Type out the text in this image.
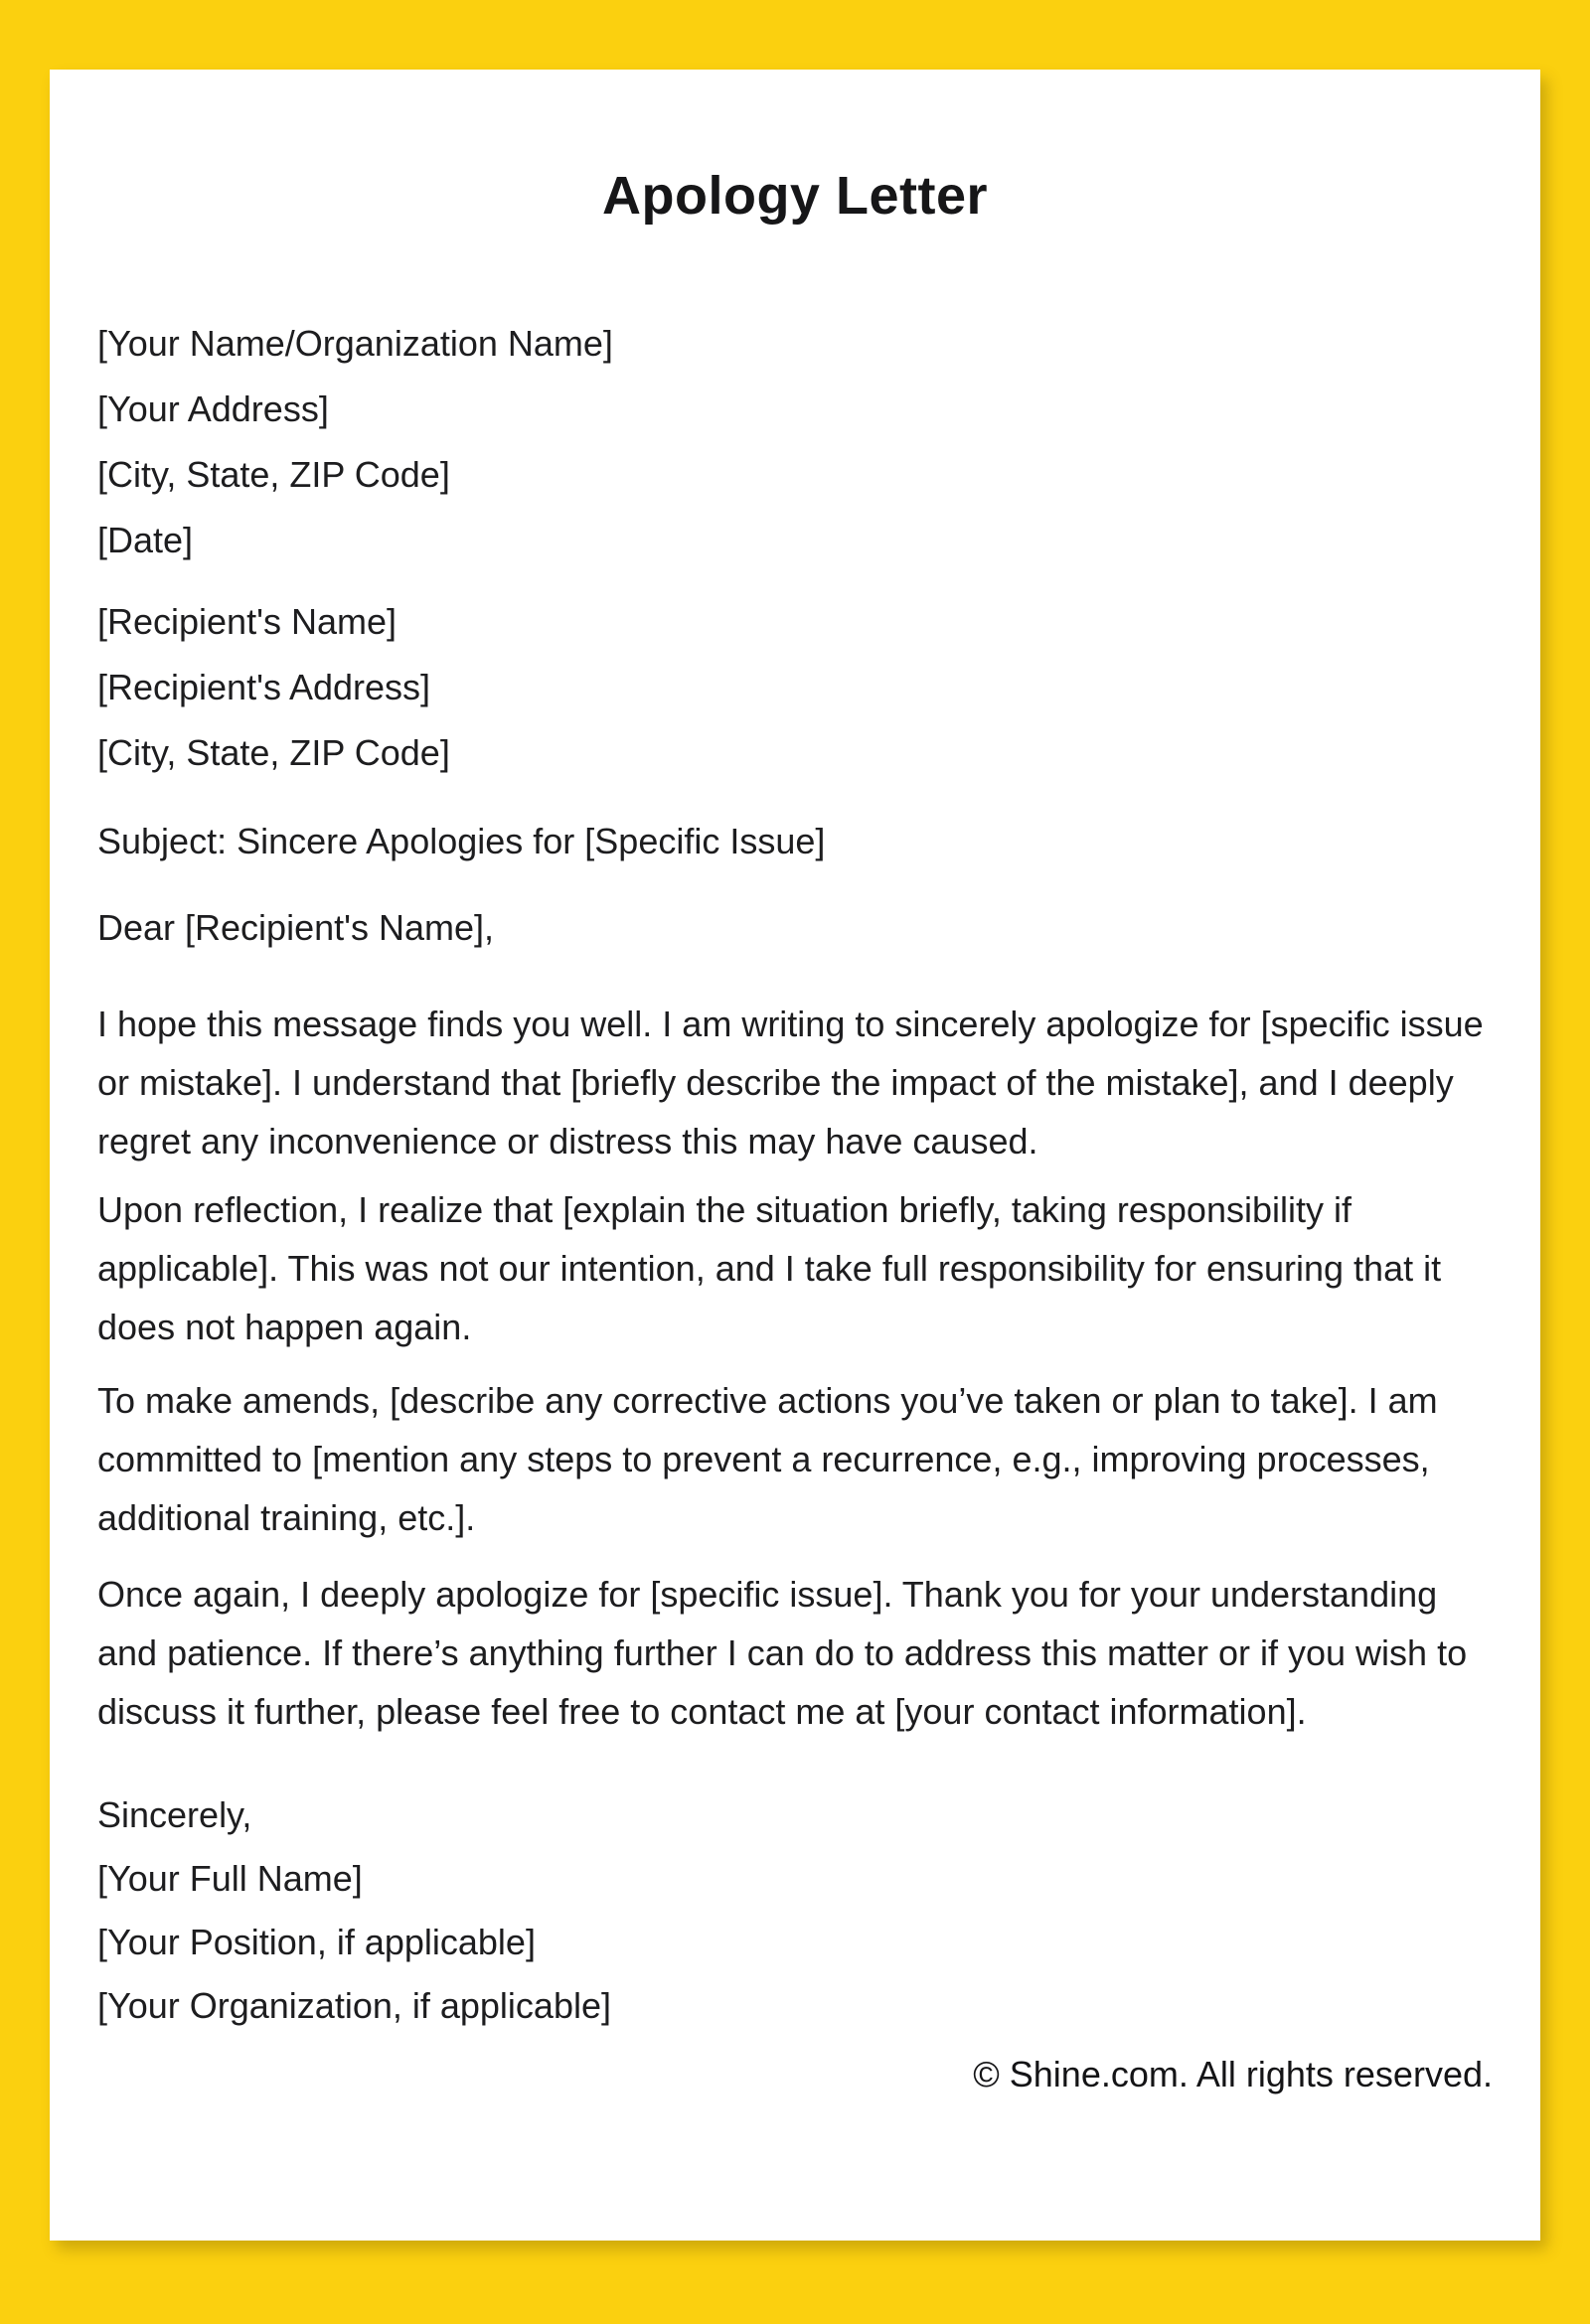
Apology Letter
[Your Name/Organization Name]
[Your Address]
[City, State, ZIP Code]
[Date]
[Recipient's Name]
[Recipient's Address]
[City, State, ZIP Code]
Subject: Sincere Apologies for [Specific Issue]
Dear [Recipient's Name],

I hope this message finds you well. I am writing to sincerely apologize for [specific issue or mistake]. I understand that [briefly describe the impact of the mistake], and I deeply regret any inconvenience or distress this may have caused.

Upon reflection, I realize that [explain the situation briefly, taking responsibility if applicable]. This was not our intention, and I take full responsibility for ensuring that it does not happen again.

To make amends, [describe any corrective actions you’ve taken or plan to take]. I am committed to [mention any steps to prevent a recurrence, e.g., improving processes, additional training, etc.].

Once again, I deeply apologize for [specific issue]. Thank you for your understanding and patience. If there’s anything further I can do to address this matter or if you wish to discuss it further, please feel free to contact me at [your contact information].

Sincerely,
[Your Full Name]
[Your Position, if applicable]
[Your Organization, if applicable]
© Shine.com. All rights reserved.
